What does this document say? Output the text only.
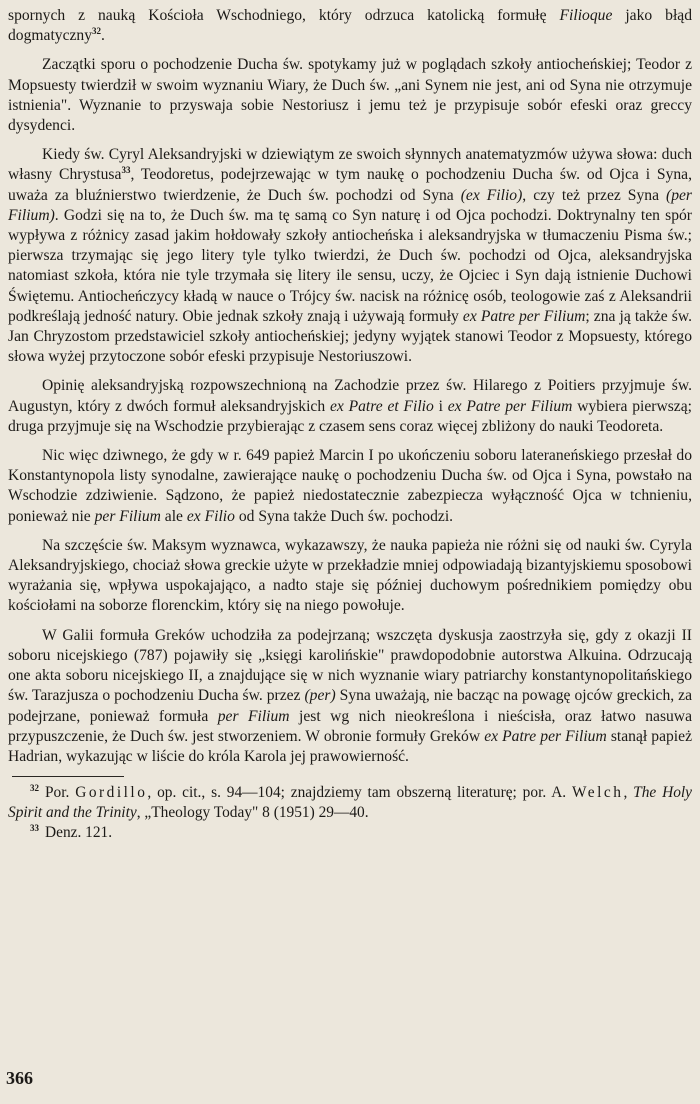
spornych z nauką Kościoła Wschodniego, który odrzuca katolicką formułę Filioque jako błąd dogmatyczny$^{32}$.

Zaczątki sporu o pochodzenie Ducha św. spotykamy już w poglądach szkoły antiocheńskiej; Teodor z Mopsuesty twierdził w swoim wyznaniu Wiary, że Duch św. „ani Synem nie jest, ani od Syna nie otrzymuje istnienia". Wyznanie to przyswaja sobie Nestoriusz i jemu też je przypisuje sobór efeski oraz greccy dysydenci.

Kiedy św. Cyryl Aleksandryjski w dziewiątym ze swoich słynnych anatematyzmów używa słowa: duch własny Chrystusa$^{33}$, Teodoretus, podejrzewając w tym naukę o pochodzeniu Ducha św. od Ojca i Syna, uważa za bluźnierstwo twierdzenie, że Duch św. pochodzi od Syna (ex Filio), czy też przez Syna (per Filium). Godzi się na to, że Duch św. ma tę samą co Syn naturę i od Ojca pochodzi. Doktrynalny ten spór wypływa z różnicy zasad jakim hołdowały szkoły antiocheńska i aleksandryjska w tłumaczeniu Pisma św.; pierwsza trzymając się jego litery tyle tylko twierdzi, że Duch św. pochodzi od Ojca, aleksandryjska natomiast szkoła, która nie tyle trzymała się litery ile sensu, uczy, że Ojciec i Syn dają istnienie Duchowi Świętemu. Antiocheńczycy kładą w nauce o Trójcy św. nacisk na różnicę osób, teologowie zaś z Aleksandrii podkreślają jedność natury. Obie jednak szkoły znają i używają formuły ex Patre per Filium; zna ją także św. Jan Chryzostom przedstawiciel szkoły antiocheńskiej; jedyny wyjątek stanowi Teodor z Mopsuesty, którego słowa wyżej przytoczone sobór efeski przypisuje Nestoriuszowi.

Opinię aleksandryjską rozpowszechnioną na Zachodzie przez św. Hilarego z Poitiers przyjmuje św. Augustyn, który z dwóch formuł aleksandryjskich ex Patre et Filio i ex Patre per Filium wybiera pierwszą; druga przyjmuje się na Wschodzie przybierając z czasem sens coraz więcej zbliżony do nauki Teodoreta.

Nic więc dziwnego, że gdy w r. 649 papież Marcin I po ukończeniu soboru lateraneńskiego przesłał do Konstantynopola listy synodalne, zawierające naukę o pochodzeniu Ducha św. od Ojca i Syna, powstało na Wschodzie zdziwienie. Sądzono, że papież niedostatecznie zabezpiecza wyłączność Ojca w tchnieniu, ponieważ nie per Filium ale ex Filio od Syna także Duch św. pochodzi.

Na szczęście św. Maksym wyznawca, wykazawszy, że nauka papieża nie różni się od nauki św. Cyryla Aleksandryjskiego, chociaż słowa greckie użyte w przekładzie mniej odpowiadają bizantyjskiemu sposobowi wyrażania się, wpływa uspokajająco, a nadto staje się później duchowym pośrednikiem pomiędzy obu kościołami na soborze florenckim, który się na niego powołuje.

W Galii formuła Greków uchodziła za podejrzaną; wszczęta dyskusja zaostrzyła się, gdy z okazji II soboru nicejskiego (787) pojawiły się „księgi karolińskie" prawdopodobnie autorstwa Alkuina. Odrzucają one akta soboru nicejskiego II, a znajdujące się w nich wyznanie wiary patriarchy konstantynopolitańskiego św. Tarazjusza o pochodzeniu Ducha św. przez (per) Syna uważają, nie bacząc na powagę ojców greckich, za podejrzane, ponieważ formuła per Filium jest wg nich nieokreślona i nieścisła, oraz łatwo nasuwa przypuszczenie, że Duch św. jest stworzeniem. W obronie formuły Greków ex Patre per Filium stanął papież Hadrian, wykazując w liście do króla Karola jej prawowierność.

$^{32}$ Por. Gordillo, op. cit., s. 94—104; znajdziemy tam obszerną literaturę; por. A. Welch, The Holy Spirit and the Trinity, „Theology Today" 8 (1951) 29—40.

$^{33}$ Denz. 121.

366
